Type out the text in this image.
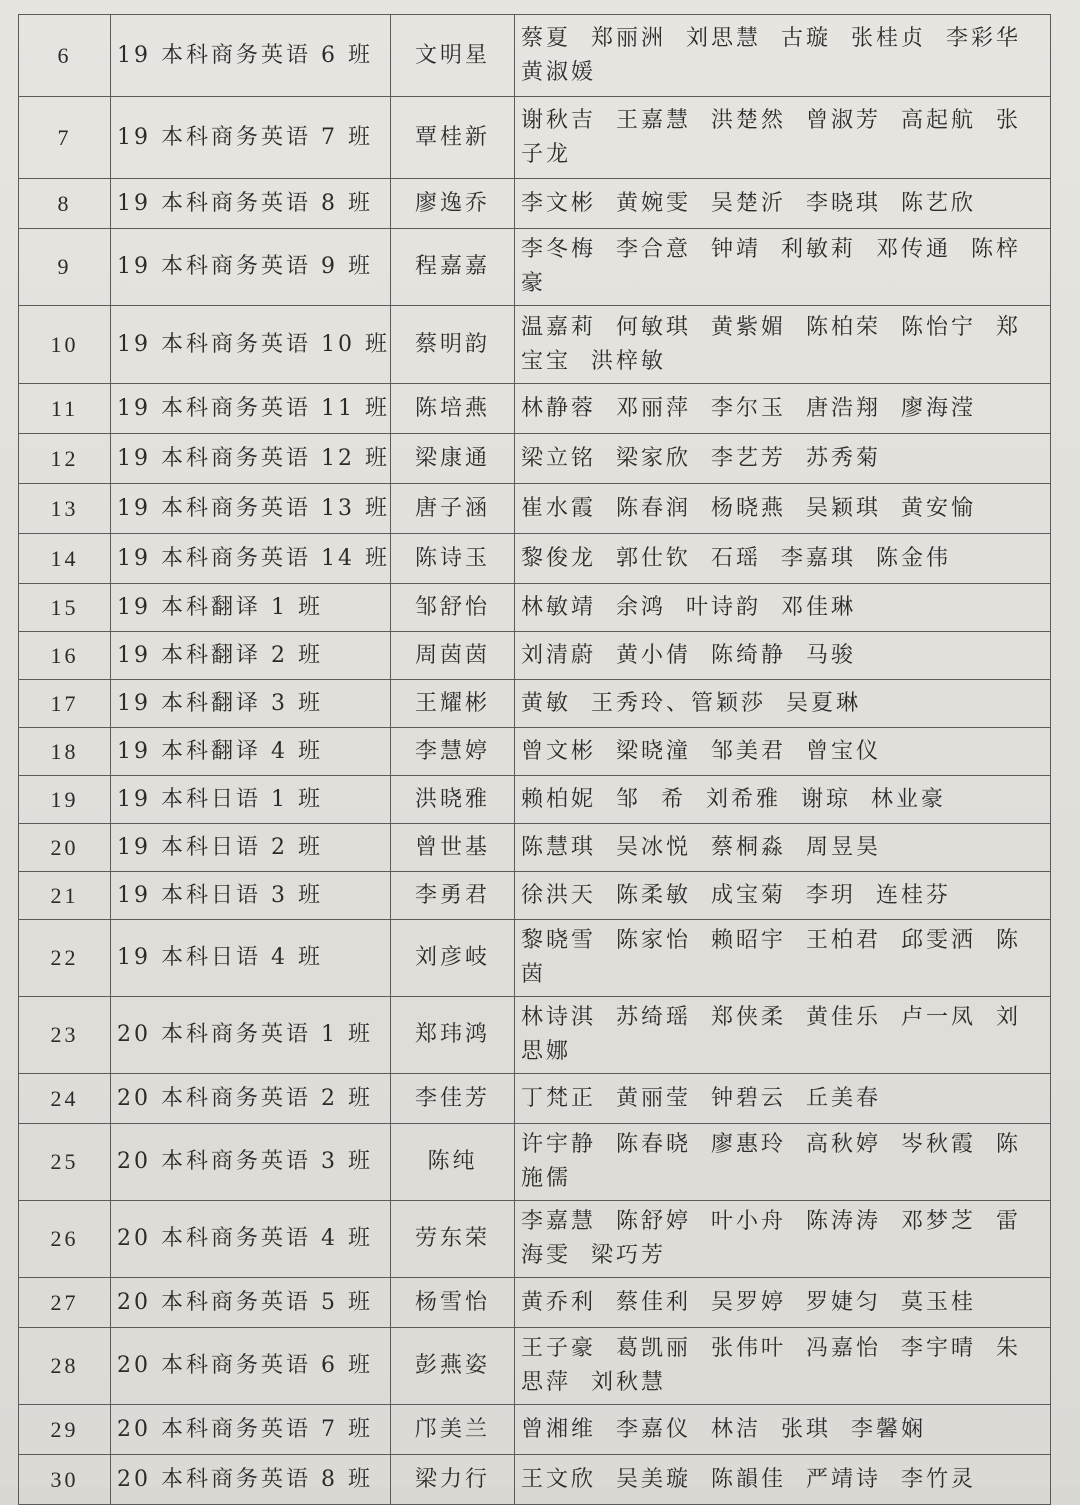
6	19 本科商务英语 6 班	文明星	蔡夏 郑丽洲 刘思慧 古璇 张桂贞 李彩华 黄淑媛
7	19 本科商务英语 7 班	覃桂新	谢秋吉 王嘉慧 洪楚然 曾淑芳 高起航 张子龙
8	19 本科商务英语 8 班	廖逸乔	李文彬 黄婉雯 吴楚沂 李晓琪 陈艺欣
9	19 本科商务英语 9 班	程嘉嘉	李冬梅 李合意 钟靖 利敏莉 邓传通 陈梓豪
10	19 本科商务英语 10 班	蔡明韵	温嘉莉 何敏琪 黄紫媚 陈柏荣 陈怡宁 郑宝宝 洪梓敏
11	19 本科商务英语 11 班	陈培燕	林静蓉 邓丽萍 李尔玉 唐浩翔 廖海滢
12	19 本科商务英语 12 班	梁康通	梁立铭 梁家欣 李艺芳 苏秀菊
13	19 本科商务英语 13 班	唐子涵	崔水霞 陈春润 杨晓燕 吴颖琪 黄安愉
14	19 本科商务英语 14 班	陈诗玉	黎俊龙 郭仕钦 石瑶 李嘉琪 陈金伟
15	19 本科翻译 1 班	邹舒怡	林敏靖 余鸿 叶诗韵 邓佳琳
16	19 本科翻译 2 班	周茵茵	刘清蔚 黄小倩 陈绮静 马骏
17	19 本科翻译 3 班	王耀彬	黄敏 王秀玲、管颖莎 吴夏琳
18	19 本科翻译 4 班	李慧婷	曾文彬 梁晓潼 邹美君 曾宝仪
19	19 本科日语 1 班	洪晓雅	赖柏妮 邹 希 刘希雅 谢琼 林业豪
20	19 本科日语 2 班	曾世基	陈慧琪 吴冰悦 蔡桐淼 周昱昊
21	19 本科日语 3 班	李勇君	徐洪天 陈柔敏 成宝菊 李玥 连桂芬
22	19 本科日语 4 班	刘彦岐	黎晓雪 陈家怡 赖昭宇 王柏君 邱雯洒 陈茵
23	20 本科商务英语 1 班	郑玮鸿	林诗淇 苏绮瑶 郑侠柔 黄佳乐 卢一凤 刘思娜
24	20 本科商务英语 2 班	李佳芳	丁梵正 黄丽莹 钟碧云 丘美春
25	20 本科商务英语 3 班	陈纯	许宇静 陈春晓 廖惠玲 高秋婷 岑秋霞 陈施儒
26	20 本科商务英语 4 班	劳东荣	李嘉慧 陈舒婷 叶小舟 陈涛涛 邓梦芝 雷海雯 梁巧芳
27	20 本科商务英语 5 班	杨雪怡	黄乔利 蔡佳利 吴罗婷 罗婕匀 莫玉桂
28	20 本科商务英语 6 班	彭燕姿	王子豪 葛凯丽 张伟叶 冯嘉怡 李宇晴 朱思萍 刘秋慧
29	20 本科商务英语 7 班	邝美兰	曾湘维 李嘉仪 林洁 张琪 李馨娴
30	20 本科商务英语 8 班	梁力行	王文欣 吴美璇 陈韻佳 严靖诗 李竹灵
